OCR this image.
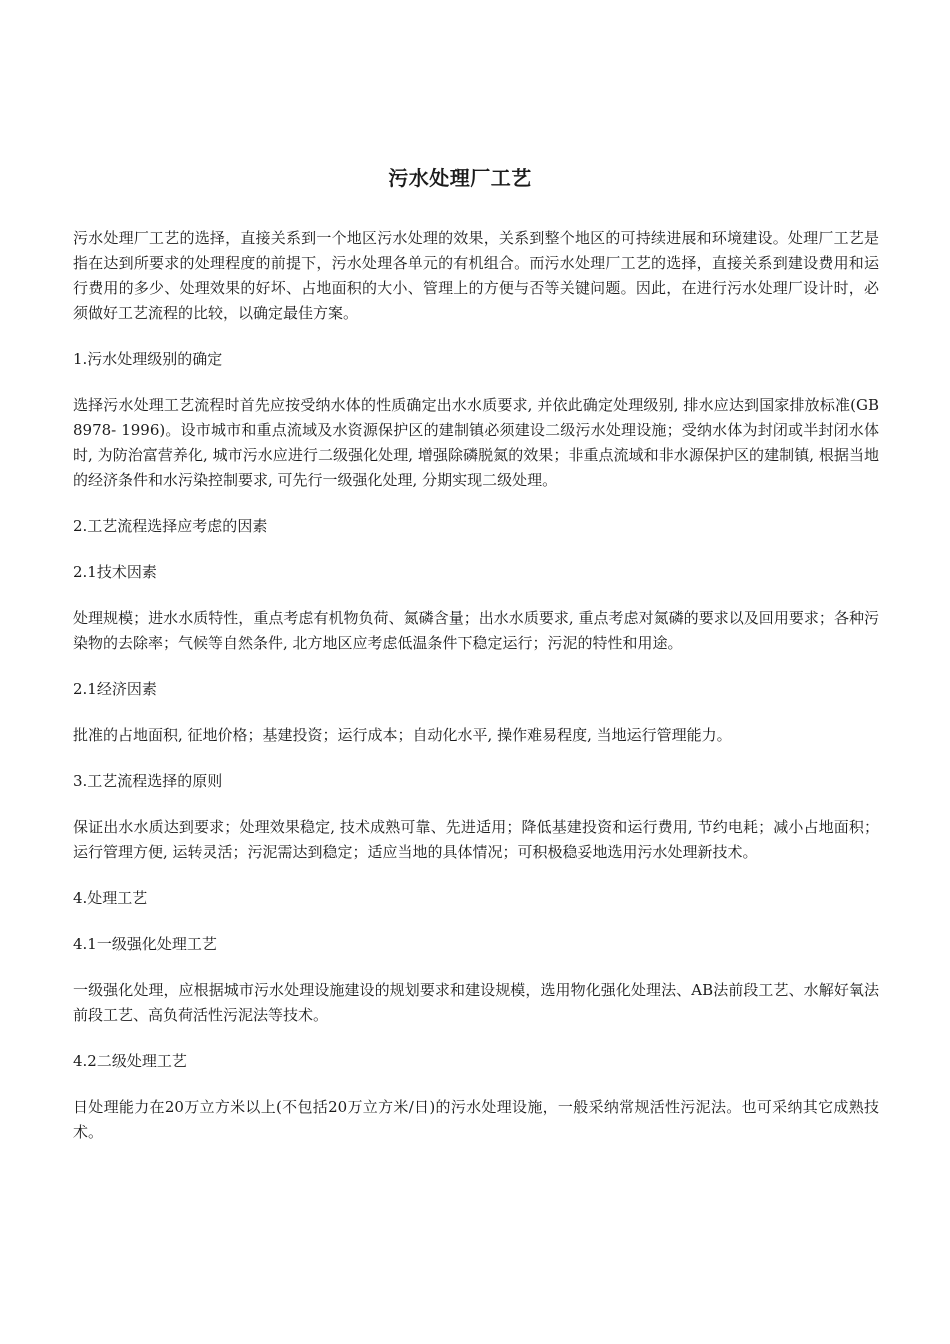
污水处理厂工艺

污水处理厂工艺的选择，直接关系到一个地区污水处理的效果，关系到整个地区的可持续进展和环境建设。处理厂工艺是指在达到所要求的处理程度的前提下，污水处理各单元的有机组合。而污水处理厂工艺的选择，直接关系到建设费用和运行费用的多少、处理效果的好坏、占地面积的大小、管理上的方便与否等关键问题。因此，在进行污水处理厂设计时，必须做好工艺流程的比较，以确定最佳方案。

1.污水处理级别的确定

选择污水处理工艺流程时首先应按受纳水体的性质确定出水水质要求, 并依此确定处理级别, 排水应达到国家排放标准(GB8978- 1996)。设市城市和重点流域及水资源保护区的建制镇必须建设二级污水处理设施；受纳水体为封闭或半封闭水体时, 为防治富营养化, 城市污水应进行二级强化处理, 增强除磷脱氮的效果；非重点流域和非水源保护区的建制镇, 根据当地的经济条件和水污染控制要求, 可先行一级强化处理, 分期实现二级处理。

2.工艺流程选择应考虑的因素
2.1技术因素

处理规模；进水水质特性，重点考虑有机物负荷、氮磷含量；出水水质要求, 重点考虑对氮磷的要求以及回用要求；各种污染物的去除率；气候等自然条件, 北方地区应考虑低温条件下稳定运行；污泥的特性和用途。

2.1经济因素

批准的占地面积, 征地价格；基建投资；运行成本；自动化水平, 操作难易程度, 当地运行管理能力。

3.工艺流程选择的原则

保证出水水质达到要求；处理效果稳定, 技术成熟可靠、先进适用；降低基建投资和运行费用, 节约电耗；减小占地面积；运行管理方便, 运转灵活；污泥需达到稳定；适应当地的具体情况；可积极稳妥地选用污水处理新技术。

4.处理工艺
4.1一级强化处理工艺

一级强化处理，应根据城市污水处理设施建设的规划要求和建设规模，选用物化强化处理法、AB法前段工艺、水解好氧法前段工艺、高负荷活性污泥法等技术。

4.2二级处理工艺

日处理能力在20万立方米以上(不包括20万立方米/日)的污水处理设施，一般采纳常规活性污泥法。也可采纳其它成熟技术。
